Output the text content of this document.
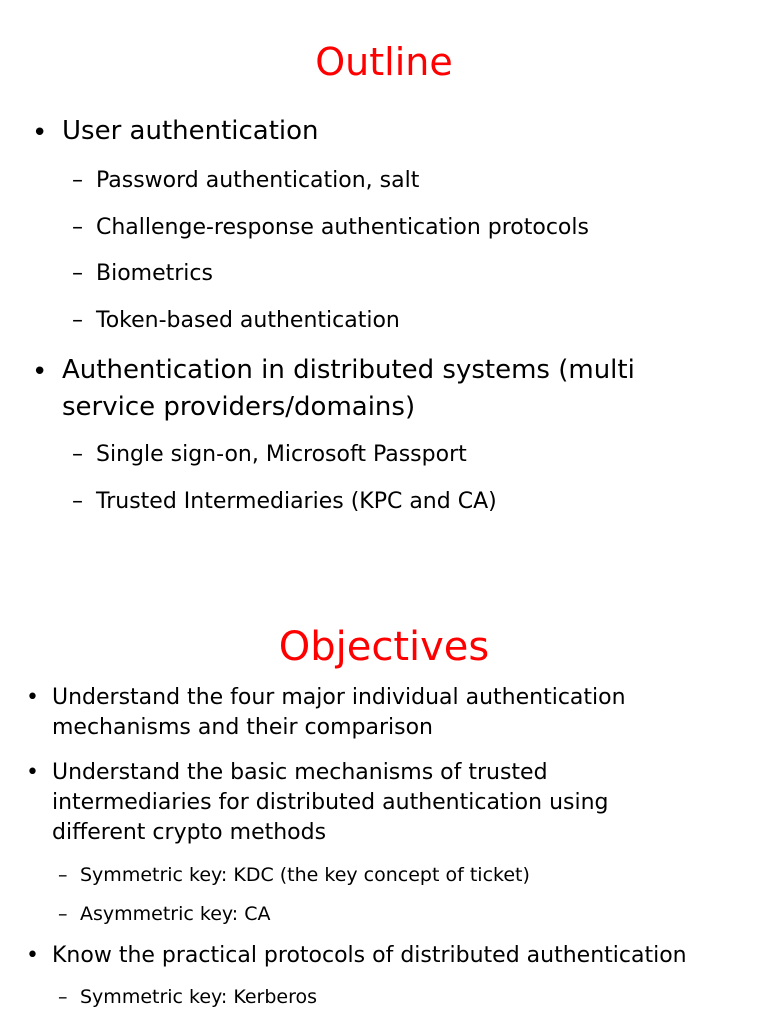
Outline
• User authentication
– Password authentication, salt
– Challenge-response authentication protocols
– Biometrics
– Token-based authentication
• Authentication in distributed systems (multi
service providers/domains)
– Single sign-on, Microsoft Passport
– Trusted Intermediaries (KPC and CA)
Objectives
• Understand the four major individual authentication
mechanisms and their comparison
• Understand the basic mechanisms of trusted
intermediaries for distributed authentication using
different crypto methods
– Symmetric key: KDC (the key concept of ticket)
– Asymmetric key: CA
• Know the practical protocols of distributed authentication
– Symmetric key: Kerberos
